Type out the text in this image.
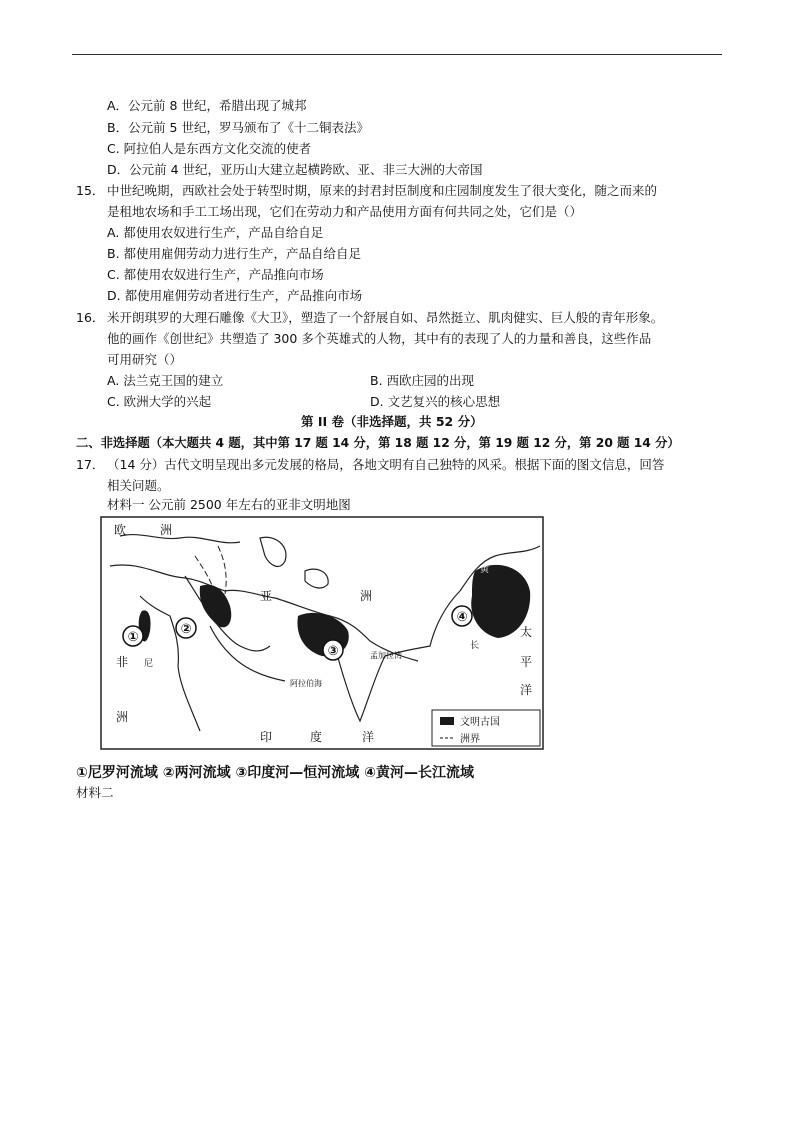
A．公元前 8 世纪，希腊出现了城邦
B．公元前 5 世纪，罗马颁布了《十二铜表法》
C. 阿拉伯人是东西方文化交流的使者
D．公元前 4 世纪，亚历山大建立起横跨欧、亚、非三大洲的大帝国
15． 中世纪晚期，西欧社会处于转型时期，原来的封君封臣制度和庄园制度发生了很大变化，随之而来的
是租地农场和手工工场出现，它们在劳动力和产品使用方面有何共同之处，它们是（）
A. 都使用农奴进行生产，产品自给自足
B. 都使用雇佣劳动力进行生产，产品自给自足
C. 都使用农奴进行生产，产品推向市场
D. 都使用雇佣劳动者进行生产，产品推向市场
16． 米开朗琪罗的大理石雕像《大卫》，塑造了一个舒展自如、昂然挺立、肌肉健实、巨人般的青年形象。
他的画作《创世纪》共塑造了 300 多个英雄式的人物，其中有的表现了人的力量和善良，这些作品
可用研究（）
A. 法兰克王国的建立	B. 西欧庄园的出现
C. 欧洲大学的兴起	D. 文艺复兴的核心思想
第 II 卷（非选择题，共 52 分）
二、非选择题（本大题共 4 题，其中第 17 题 14 分，第 18 题 12 分，第 19 题 12 分，第 20 题 14 分）
17． （14 分）古代文明呈现出多元发展的格局，各地文明有自己独特的风采。根据下面的图文信息，回答
相关问题。
材料一 公元前 2500 年左右的亚非文明地图
①
②
③
④
欧	洲
亚	洲
非 尼
洲
印	度	洋
太
平
洋
阿拉伯海
孟加拉湾
黄
长
文明古国
洲界
①尼罗河流域 ②两河流域 ③印度河—恒河流域 ④黄河—长江流域
材料二
